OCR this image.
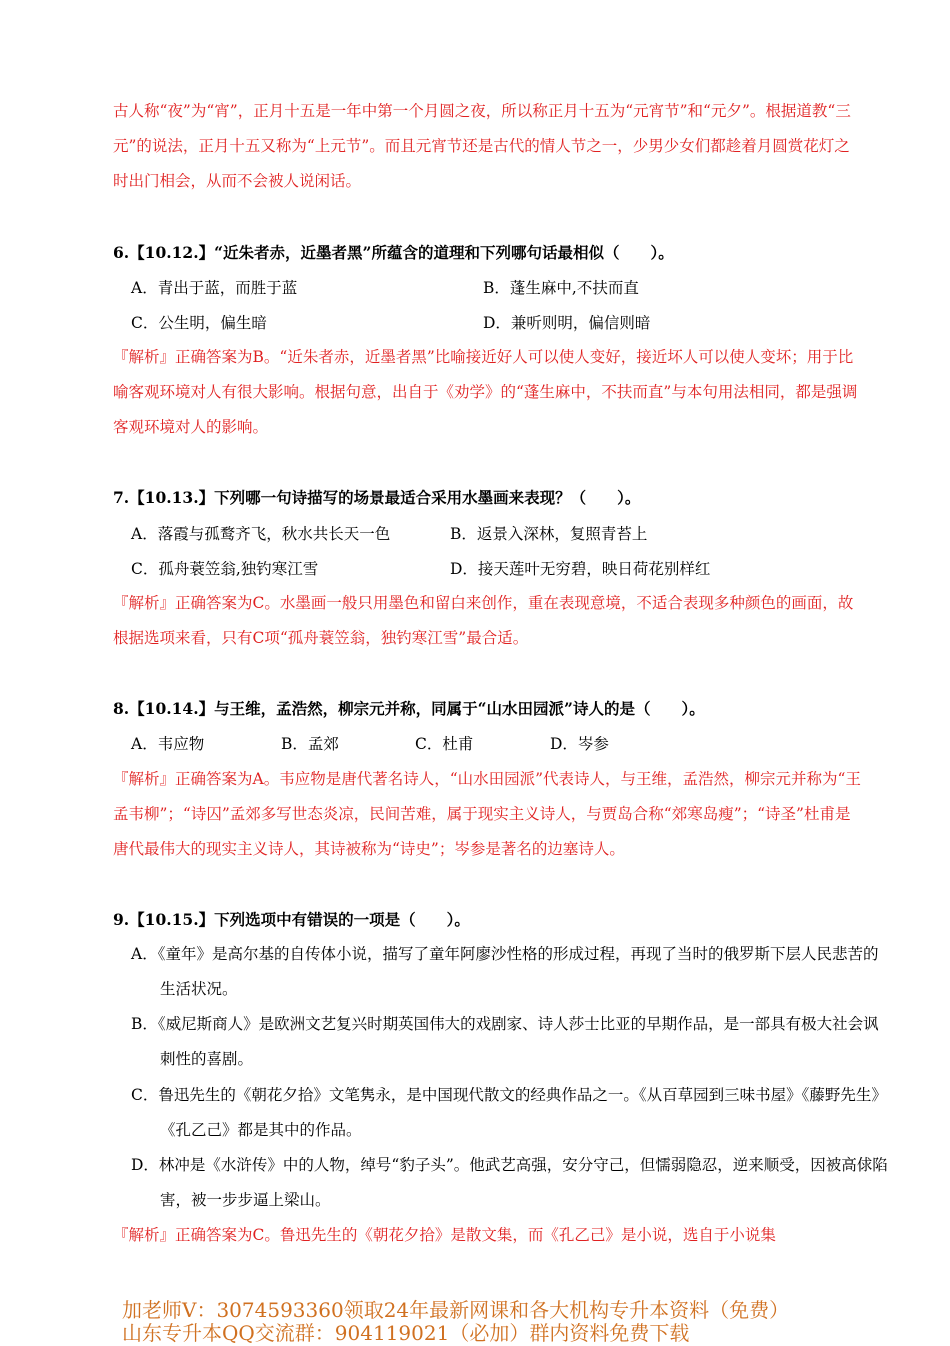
古人称“夜”为“宵”，正月十五是一年中第一个月圆之夜，所以称正月十五为“元宵节”和“元夕”。根据道教“三元”的说法，正月十五又称为“上元节”。而且元宵节还是古代的情人节之一，少男少女们都趁着月圆赏花灯之时出门相会，从而不会被人说闲话。
6.【10.12.】“近朱者赤，近墨者黑”所蕴含的道理和下列哪句话最相似（　　）。
A．青出于蓝，而胜于蓝	B．蓬生麻中,不扶而直
C．公生明，偏生暗	D．兼听则明，偏信则暗
『解析』正确答案为B。“近朱者赤，近墨者黑”比喻接近好人可以使人变好，接近坏人可以使人变坏；用于比喻客观环境对人有很大影响。根据句意，出自于《劝学》的“蓬生麻中，不扶而直”与本句用法相同，都是强调客观环境对人的影响。
7.【10.13.】下列哪一句诗描写的场景最适合采用水墨画来表现？（　　）。
A．落霞与孤鹜齐飞，秋水共长天一色	B．返景入深林，复照青苔上
C．孤舟蓑笠翁,独钓寒江雪	D．接天莲叶无穷碧，映日荷花别样红
『解析』正确答案为C。水墨画一般只用墨色和留白来创作，重在表现意境，不适合表现多种颜色的画面，故根据选项来看，只有C项“孤舟蓑笠翁，独钓寒江雪”最合适。
8.【10.14.】与王维，孟浩然，柳宗元并称，同属于“山水田园派”诗人的是（　　）。
A．韦应物	B．孟郊	C．杜甫	D．岑参
『解析』正确答案为A。韦应物是唐代著名诗人，“山水田园派”代表诗人，与王维，孟浩然，柳宗元并称为“王孟韦柳”；“诗囚”孟郊多写世态炎凉，民间苦难，属于现实主义诗人，与贾岛合称“郊寒岛瘦”；“诗圣”杜甫是唐代最伟大的现实主义诗人，其诗被称为“诗史”；岑参是著名的边塞诗人。
9.【10.15.】下列选项中有错误的一项是（　　）。
A．《童年》是高尔基的自传体小说，描写了童年阿廖沙性格的形成过程，再现了当时的俄罗斯下层人民悲苦的生活状况。
B．《威尼斯商人》是欧洲文艺复兴时期英国伟大的戏剧家、诗人莎士比亚的早期作品，是一部具有极大社会讽刺性的喜剧。
C．鲁迅先生的《朝花夕拾》文笔隽永，是中国现代散文的经典作品之一。《从百草园到三味书屋》《藤野先生》《孔乙己》都是其中的作品。
D．林冲是《水浒传》中的人物，绰号“豹子头”。他武艺高强，安分守己，但懦弱隐忍，逆来顺受，因被高俅陷害，被一步步逼上梁山。
『解析』正确答案为C。鲁迅先生的《朝花夕拾》是散文集，而《孔乙己》是小说，选自于小说集
加老师V：3074593360领取24年最新网课和各大机构专升本资料（免费）
山东专升本QQ交流群：904119021（必加）群内资料免费下载
